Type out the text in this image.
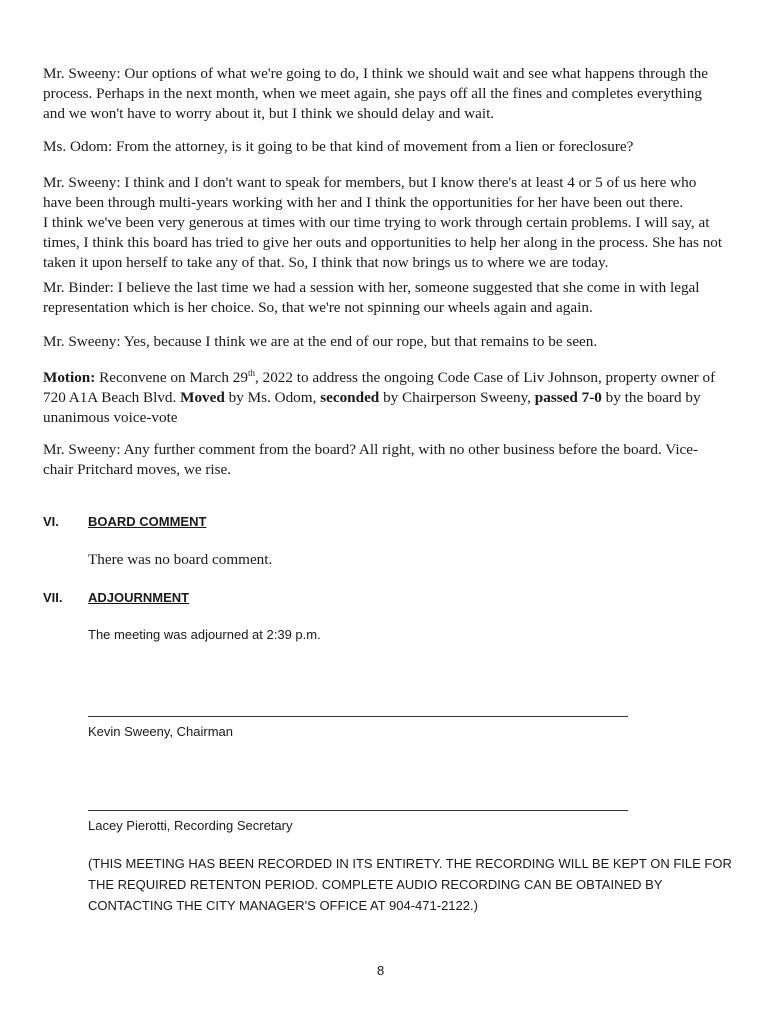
Mr. Sweeny: Our options of what we're going to do, I think we should wait and see what happens through the process. Perhaps in the next month, when we meet again, she pays off all the fines and completes everything and we won't have to worry about it, but I think we should delay and wait.

Ms. Odom: From the attorney, is it going to be that kind of movement from a lien or foreclosure?

Mr. Sweeny: I think and I don't want to speak for members, but I know there's at least 4 or 5 of us here who have been through multi-years working with her and I think the opportunities for her have been out there.
I think we've been very generous at times with our time trying to work through certain problems. I will say, at times, I think this board has tried to give her outs and opportunities to help her along in the process. She has not taken it upon herself to take any of that. So, I think that now brings us to where we are today.

Mr. Binder: I believe the last time we had a session with her, someone suggested that she come in with legal representation which is her choice. So, that we're not spinning our wheels again and again.

Mr. Sweeny: Yes, because I think we are at the end of our rope, but that remains to be seen.

Motion: Reconvene on March 29th, 2022 to address the ongoing Code Case of Liv Johnson, property owner of 720 A1A Beach Blvd. Moved by Ms. Odom, seconded by Chairperson Sweeny, passed 7-0 by the board by unanimous voice-vote

Mr. Sweeny: Any further comment from the board? All right, with no other business before the board. Vice-chair Pritchard moves, we rise.

VI. BOARD COMMENT
There was no board comment.
VII. ADJOURNMENT
The meeting was adjourned at 2:39 p.m.
Kevin Sweeny, Chairman
Lacey Pierotti, Recording Secretary

(THIS MEETING HAS BEEN RECORDED IN ITS ENTIRETY. THE RECORDING WILL BE KEPT ON FILE FOR THE REQUIRED RETENTON PERIOD. COMPLETE AUDIO RECORDING CAN BE OBTAINED BY CONTACTING THE CITY MANAGER'S OFFICE AT 904-471-2122.)

8
